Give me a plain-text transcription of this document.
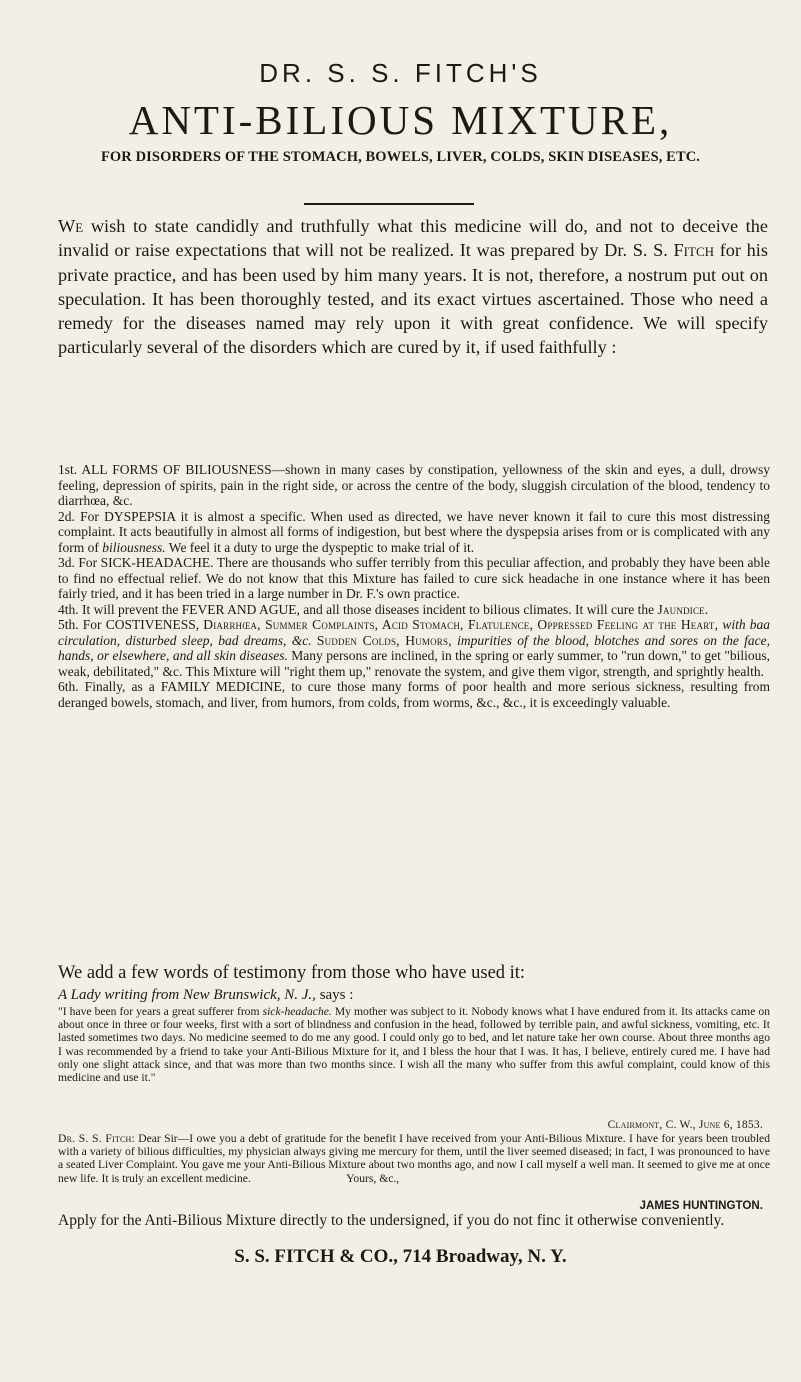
DR. S. S. FITCH'S
ANTI-BILIOUS MIXTURE,
FOR DISORDERS OF THE STOMACH, BOWELS, LIVER, COLDS, SKIN DISEASES, ETC.
We wish to state candidly and truthfully what this medicine will do, and not to deceive the invalid or raise expectations that will not be realized. It was prepared by Dr. S. S. Fitch for his private practice, and has been used by him many years. It is not, therefore, a nostrum put out on speculation. It has been thoroughly tested, and its exact virtues ascertained. Those who need a remedy for the diseases named may rely upon it with great confidence. We will specify particularly several of the disorders which are cured by it, if used faithfully :

1st. ALL FORMS OF BILIOUSNESS—shown in many cases by constipation, yellowness of the skin and eyes, a dull, drowsy feeling, depression of spirits, pain in the right side, or across the centre of the body, sluggish circulation of the blood, tendency to diarrhœa, &c.

2d. For DYSPEPSIA it is almost a specific. When used as directed, we have never known it fail to cure this most distressing complaint. It acts beautifully in almost all forms of indigestion, but best where the dyspepsia arises from or is complicated with any form of biliousness. We feel it a duty to urge the dyspeptic to make trial of it.

3d. For SICK-HEADACHE. There are thousands who suffer terribly from this peculiar affection, and probably they have been able to find no effectual relief. We do not know that this Mixture has failed to cure sick headache in one instance where it has been fairly tried, and it has been tried in a large number in Dr. F.'s own practice.

4th. It will prevent the FEVER AND AGUE, and all those diseases incident to bilious climates. It will cure the Jaundice.

5th. For COSTIVENESS, Diarrhœa, Summer Complaints, Acid Stomach, Flatulence, Oppressed Feeling at the Heart, with baa circulation, disturbed sleep, bad dreams, &c. Sudden Colds, Humors, impurities of the blood, blotches and sores on the face, hands, or elsewhere, and all skin diseases. Many persons are inclined, in the spring or early summer, to "run down," to get "bilious, weak, debilitated," &c. This Mixture will "right them up," renovate the system, and give them vigor, strength, and sprightly health.

6th. Finally, as a FAMILY MEDICINE, to cure those many forms of poor health and more serious sickness, resulting from deranged bowels, stomach, and liver, from humors, from colds, from worms, &c., &c., it is exceedingly valuable.

We add a few words of testimony from those who have used it:
A Lady writing from New Brunswick, N. J., says :
"I have been for years a great sufferer from sick-headache. My mother was subject to it. Nobody knows what I have endured from it. Its attacks came on about once in three or four weeks, first with a sort of blindness and confusion in the head, followed by terrible pain, and awful sickness, vomiting, etc. It lasted sometimes two days. No medicine seemed to do me any good. I could only go to bed, and let nature take her own course. About three months ago I was recommended by a friend to take your Anti-Bilious Mixture for it, and I bless the hour that I was. It has, I believe, entirely cured me. I have had only one slight attack since, and that was more than two months since. I wish all the many who suffer from this awful complaint, could know of this medicine and use it."
Clairmont, C. W., June 6, 1853.
Dr. S. S. Fitch: Dear Sir—I owe you a debt of gratitude for the benefit I have received from your Anti-Bilious Mixture. I have for years been troubled with a variety of bilious difficulties, my physician always giving me mercury for them, until the liver seemed diseased; in fact, I was pronounced to have a seated Liver Complaint. You gave me your Anti-Bilious Mixture about two months ago, and now I call myself a well man. It seemed to give me at once new life. It is truly an excellent medicine.	Yours, &c.,
JAMES HUNTINGTON.
Apply for the Anti-Bilious Mixture directly to the undersigned, if you do not finc it otherwise conveniently.
S. S. FITCH & CO., 714 Broadway, N. Y.
